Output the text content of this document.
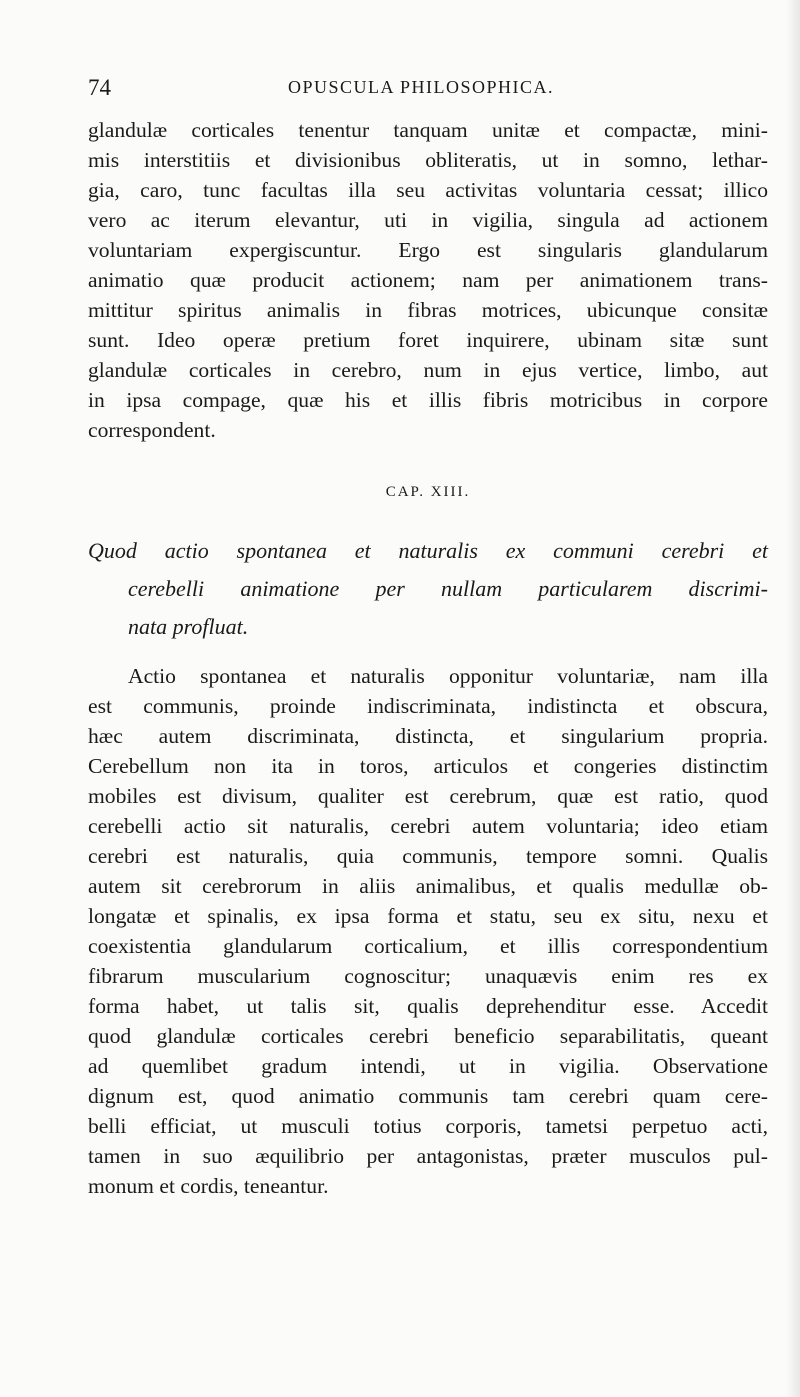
74	OPUSCULA PHILOSOPHICA.
glandulæ corticales tenentur tanquam unitæ et compactæ, mini-
mis interstitiis et divisionibus obliteratis, ut in somno, lethar-
gia, caro, tunc facultas illa seu activitas voluntaria cessat; illico
vero ac iterum elevantur, uti in vigilia, singula ad actionem
voluntariam expergiscuntur. Ergo est singularis glandularum
animatio quæ producit actionem; nam per animationem trans-
mittitur spiritus animalis in fibras motrices, ubicunque consitæ
sunt. Ideo operæ pretium foret inquirere, ubinam sitæ sunt
glandulæ corticales in cerebro, num in ejus vertice, limbo, aut
in ipsa compage, quæ his et illis fibris motricibus in corpore
correspondent.
CAP. XIII.
Quod actio spontanea et naturalis ex communi cerebri et
cerebelli animatione per nullam particularem discrimi-
nata profluat.
Actio spontanea et naturalis opponitur voluntariæ, nam illa
est communis, proinde indiscriminata, indistincta et obscura,
hæc autem discriminata, distincta, et singularium propria.
Cerebellum non ita in toros, articulos et congeries distinctim
mobiles est divisum, qualiter est cerebrum, quæ est ratio, quod
cerebelli actio sit naturalis, cerebri autem voluntaria; ideo etiam
cerebri est naturalis, quia communis, tempore somni. Qualis
autem sit cerebrorum in aliis animalibus, et qualis medullæ ob-
longatæ et spinalis, ex ipsa forma et statu, seu ex situ, nexu et
coexistentia glandularum corticalium, et illis correspondentium
fibrarum muscularium cognoscitur; unaquævis enim res ex
forma habet, ut talis sit, qualis deprehenditur esse. Accedit
quod glandulæ corticales cerebri beneficio separabilitatis, queant
ad quemlibet gradum intendi, ut in vigilia. Observatione
dignum est, quod animatio communis tam cerebri quam cere-
belli efficiat, ut musculi totius corporis, tametsi perpetuo acti,
tamen in suo æquilibrio per antagonistas, præter musculos pul-
monum et cordis, teneantur.
